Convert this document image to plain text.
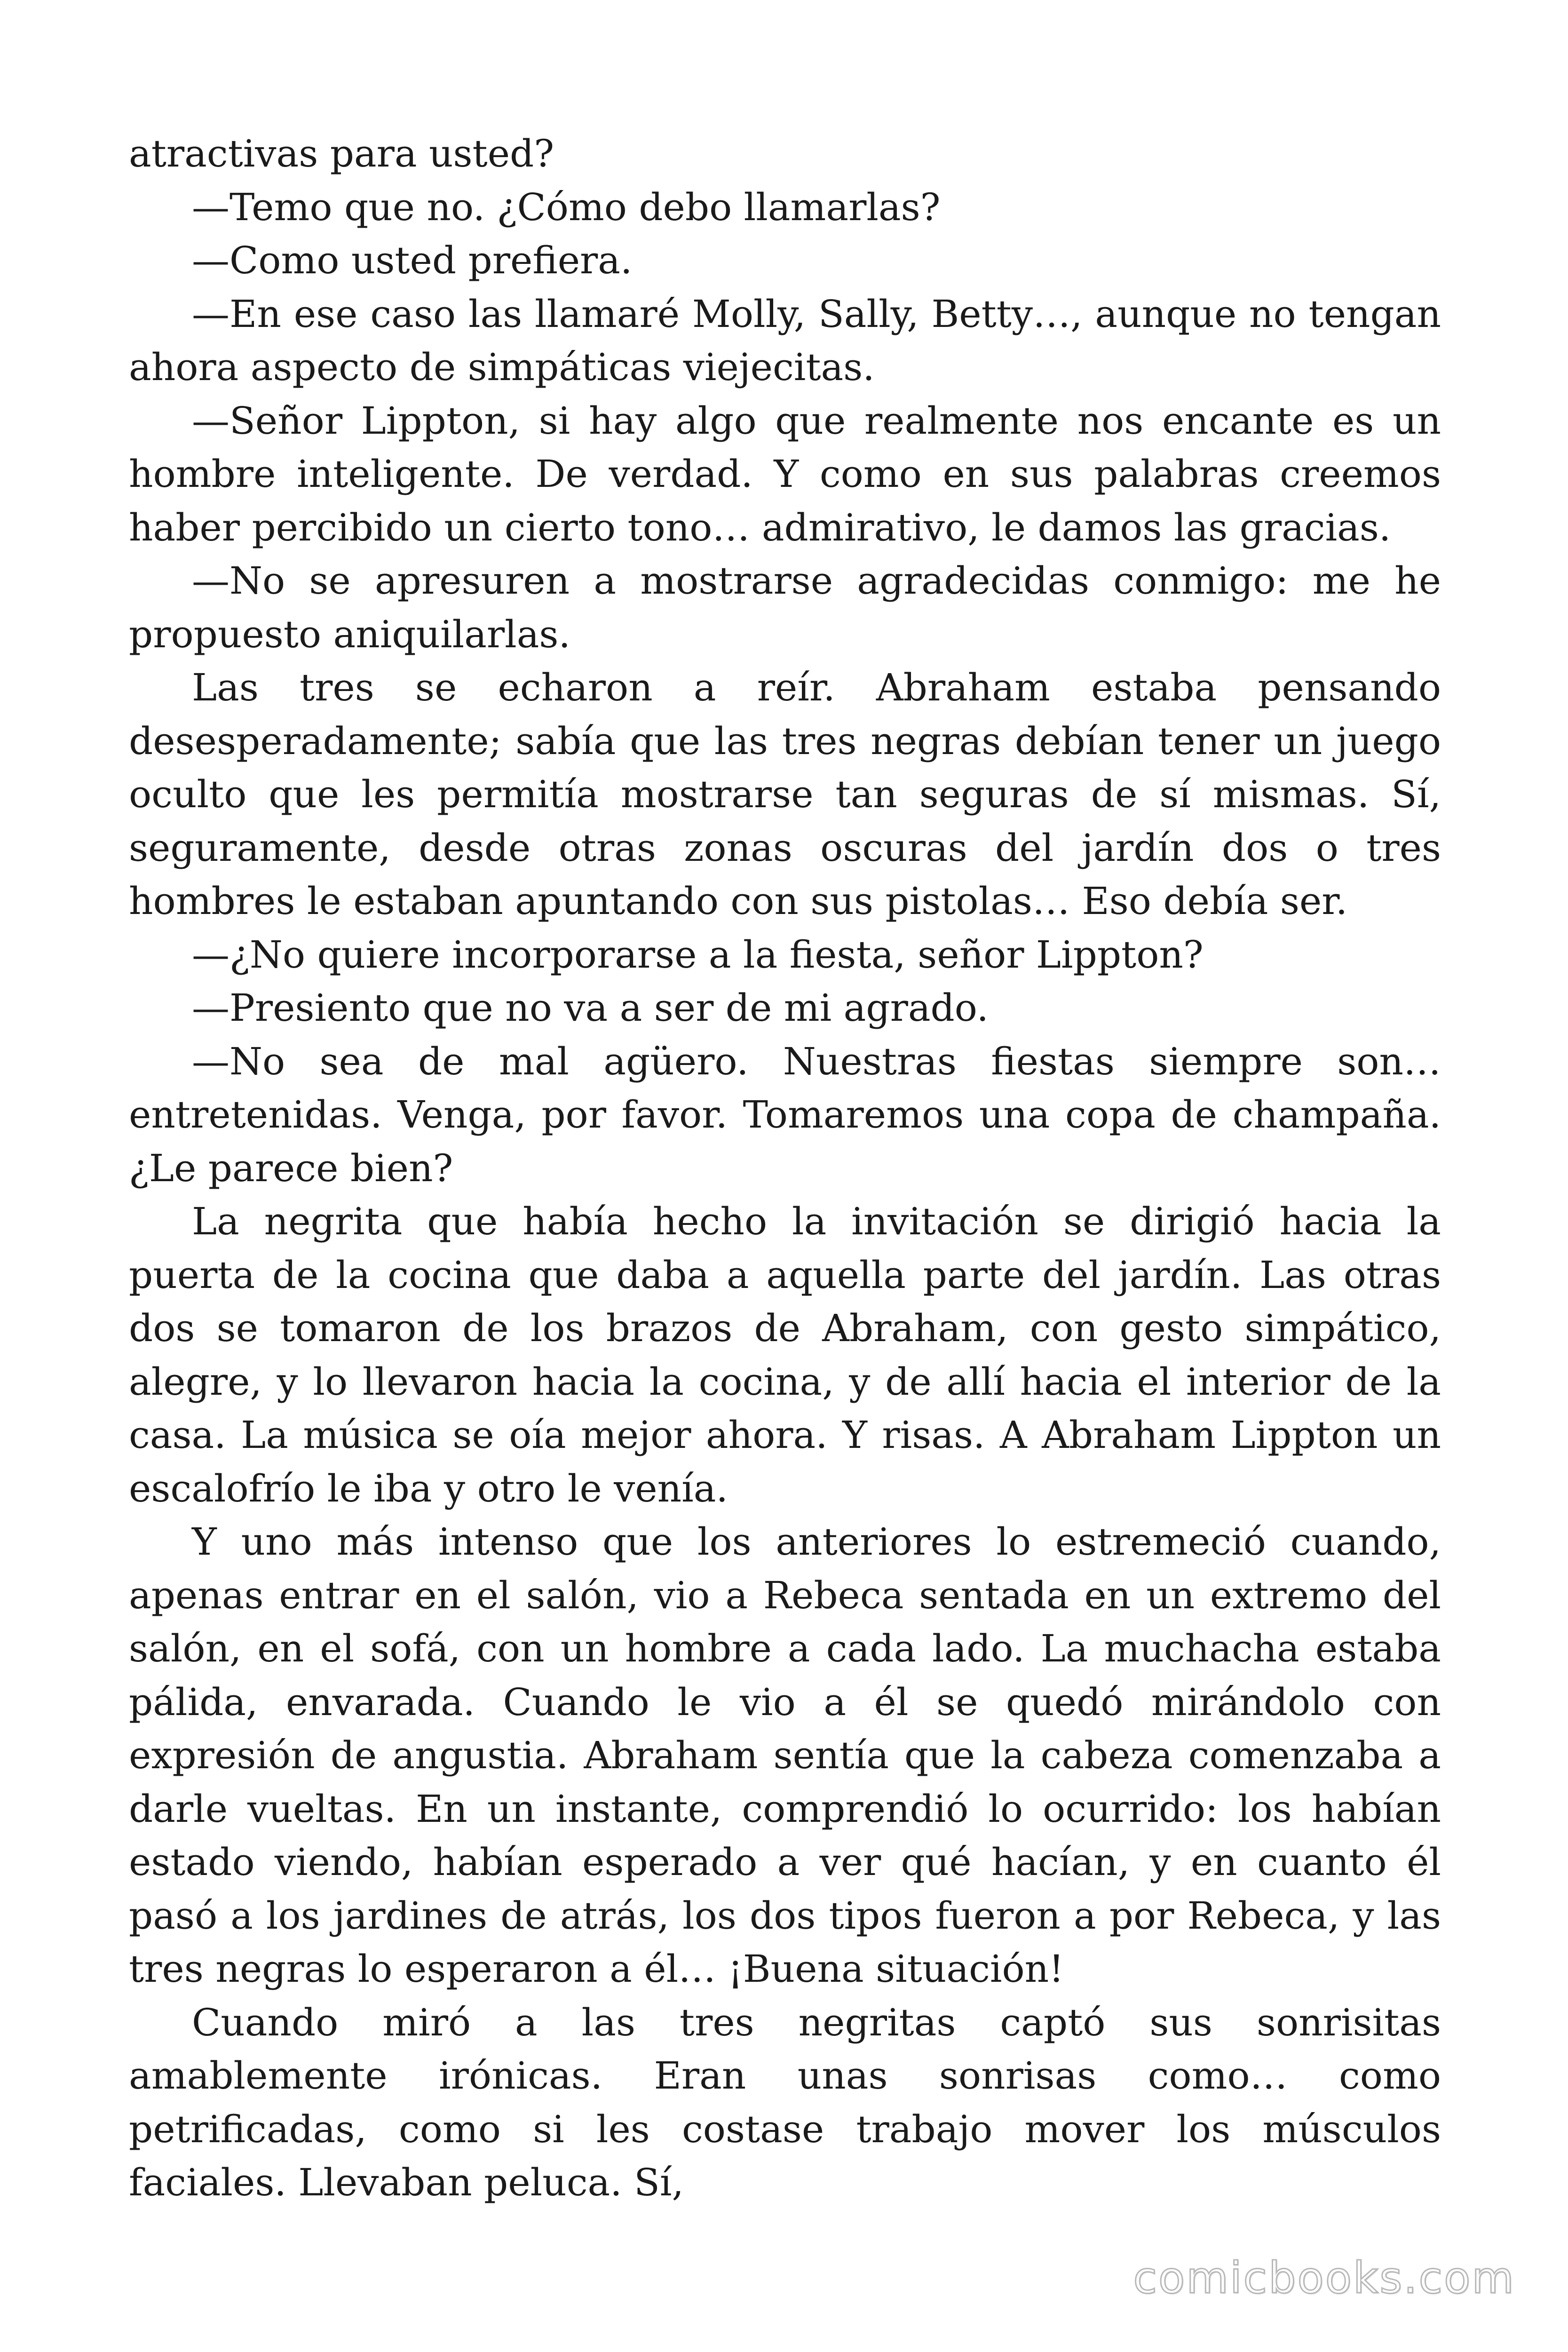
atractivas para usted?

—Temo que no. ¿Cómo debo llamarlas?

—Como usted prefiera.

—En ese caso las llamaré Molly, Sally, Betty…, aunque no tengan ahora aspecto de simpáticas viejecitas.

—Señor Lippton, si hay algo que realmente nos encante es un hombre inteligente. De verdad. Y como en sus palabras creemos haber percibido un cierto tono… admirativo, le damos las gracias.

—No se apresuren a mostrarse agradecidas conmigo: me he propuesto aniquilarlas.

Las tres se echaron a reír. Abraham estaba pensando desesperadamente; sabía que las tres negras debían tener un juego oculto que les permitía mostrarse tan seguras de sí mismas. Sí, seguramente, desde otras zonas oscuras del jardín dos o tres hombres le estaban apuntando con sus pistolas… Eso debía ser.

—¿No quiere incorporarse a la fiesta, señor Lippton?

—Presiento que no va a ser de mi agrado.

—No sea de mal agüero. Nuestras fiestas siempre son… entretenidas. Venga, por favor. Tomaremos una copa de champaña. ¿Le parece bien?

La negrita que había hecho la invitación se dirigió hacia la puerta de la cocina que daba a aquella parte del jardín. Las otras dos se tomaron de los brazos de Abraham, con gesto simpático, alegre, y lo llevaron hacia la cocina, y de allí hacia el interior de la casa. La música se oía mejor ahora. Y risas. A Abraham Lippton un escalofrío le iba y otro le venía.

Y uno más intenso que los anteriores lo estremeció cuando, apenas entrar en el salón, vio a Rebeca sentada en un extremo del salón, en el sofá, con un hombre a cada lado. La muchacha estaba pálida, envarada. Cuando le vio a él se quedó mirándolo con expresión de angustia. Abraham sentía que la cabeza comenzaba a darle vueltas. En un instante, comprendió lo ocurrido: los habían estado viendo, habían esperado a ver qué hacían, y en cuanto él pasó a los jardines de atrás, los dos tipos fueron a por Rebeca, y las tres negras lo esperaron a él… ¡Buena situación!

Cuando miró a las tres negritas captó sus sonrisitas amablemente irónicas. Eran unas sonrisas como… como petrificadas, como si les costase trabajo mover los músculos faciales. Llevaban peluca. Sí,

comicbooks.com
